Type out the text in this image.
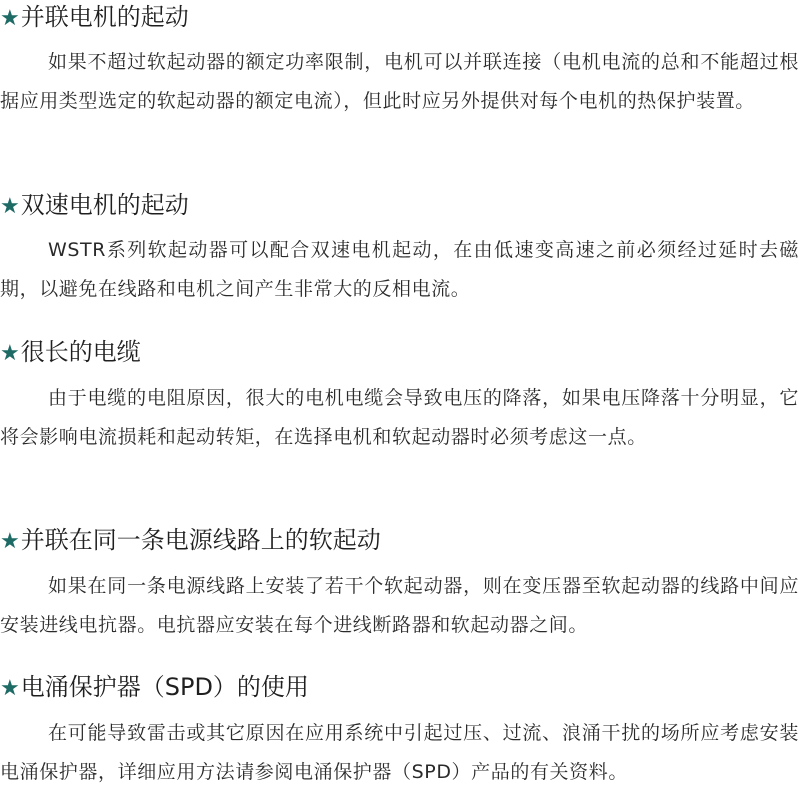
★并联电机的起动
如果不超过软起动器的额定功率限制，电机可以并联连接（电机电流的总和不能超过根据应用类型选定的软起动器的额定电流），但此时应另外提供对每个电机的热保护装置。
★双速电机的起动
WSTR系列软起动器可以配合双速电机起动，在由低速变高速之前必须经过延时去磁期，以避免在线路和电机之间产生非常大的反相电流。
★很长的电缆
由于电缆的电阻原因，很大的电机电缆会导致电压的降落，如果电压降落十分明显，它将会影响电流损耗和起动转矩，在选择电机和软起动器时必须考虑这一点。
★并联在同一条电源线路上的软起动
如果在同一条电源线路上安装了若干个软起动器，则在变压器至软起动器的线路中间应安装进线电抗器。电抗器应安装在每个进线断路器和软起动器之间。
★电涌保护器（SPD）的使用
在可能导致雷击或其它原因在应用系统中引起过压、过流、浪涌干扰的场所应考虑安装电涌保护器，详细应用方法请参阅电涌保护器（SPD）产品的有关资料。
